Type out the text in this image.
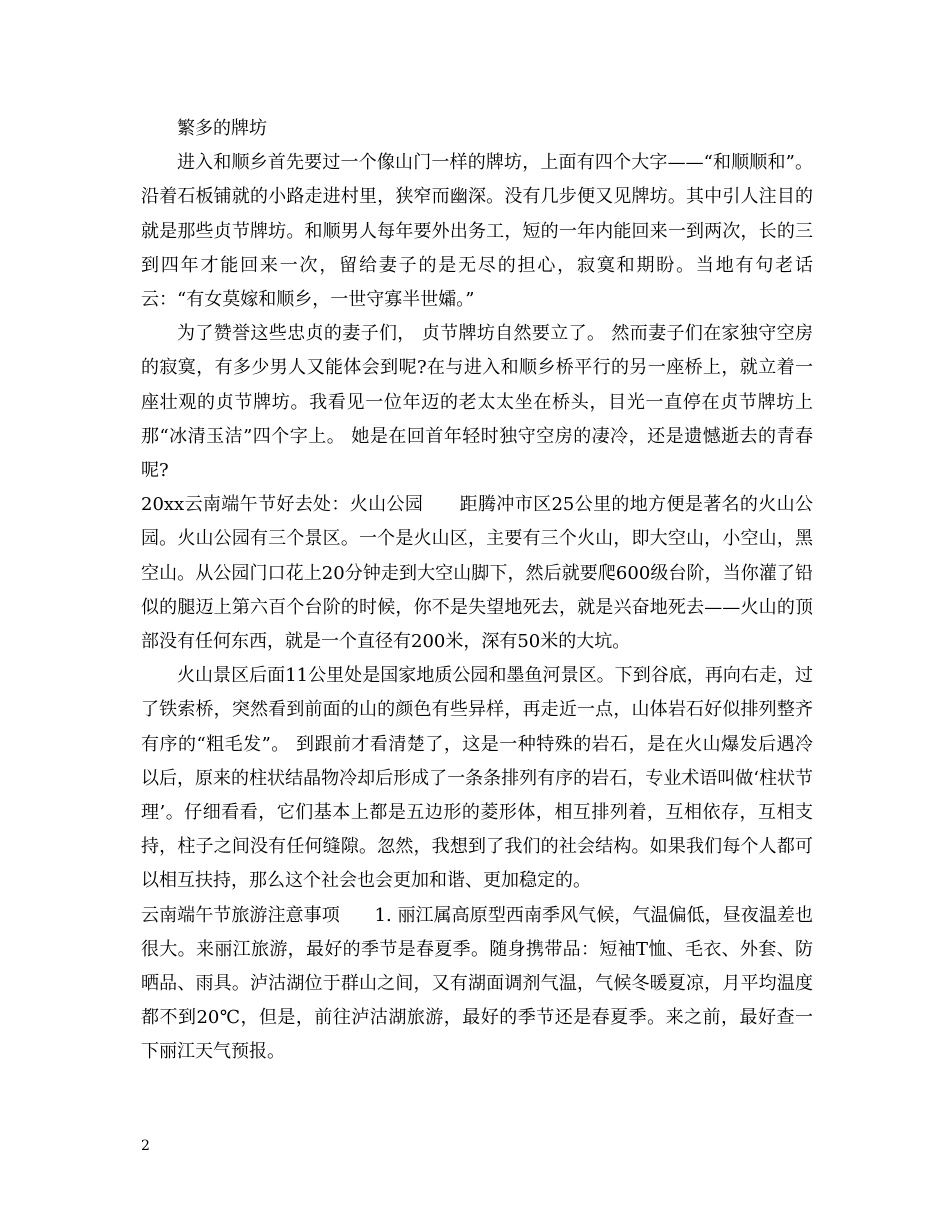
繁多的牌坊

进入和顺乡首先要过一个像山门一样的牌坊，上面有四个大字——“和顺顺和”。沿着石板铺就的小路走进村里，狭窄而幽深。没有几步便又见牌坊。其中引人注目的就是那些贞节牌坊。和顺男人每年要外出务工，短的一年内能回来一到两次，长的三到四年才能回来一次，留给妻子的是无尽的担心，寂寞和期盼。当地有句老话云：“有女莫嫁和顺乡，一世守寡半世孀。”

为了赞誉这些忠贞的妻子们， 贞节牌坊自然要立了。 然而妻子们在家独守空房的寂寞，有多少男人又能体会到呢?在与进入和顺乡桥平行的另一座桥上，就立着一座壮观的贞节牌坊。我看见一位年迈的老太太坐在桥头，目光一直停在贞节牌坊上那“冰清玉洁”四个字上。 她是在回首年轻时独守空房的凄冷，还是遗憾逝去的青春呢?

20xx云南端午节好去处：火山公园      距腾冲市区25公里的地方便是著名的火山公园。火山公园有三个景区。一个是火山区，主要有三个火山，即大空山，小空山，黑空山。从公园门口花上20分钟走到大空山脚下，然后就要爬600级台阶，当你灌了铅似的腿迈上第六百个台阶的时候，你不是失望地死去，就是兴奋地死去——火山的顶部没有任何东西，就是一个直径有200米，深有50米的大坑。

火山景区后面11公里处是国家地质公园和墨鱼河景区。下到谷底，再向右走，过了铁索桥，突然看到前面的山的颜色有些异样，再走近一点，山体岩石好似排列整齐有序的“粗毛发”。 到跟前才看清楚了，这是一种特殊的岩石，是在火山爆发后遇冷以后，原来的柱状结晶物冷却后形成了一条条排列有序的岩石，专业术语叫做‘柱状节理’。仔细看看，它们基本上都是五边形的菱形体，相互排列着，互相依存，互相支持，柱子之间没有任何缝隙。忽然，我想到了我们的社会结构。如果我们每个人都可以相互扶持，那么这个社会也会更加和谐、更加稳定的。

云南端午节旅游注意事项      1. 丽江属高原型西南季风气候，气温偏低，昼夜温差也很大。来丽江旅游，最好的季节是春夏季。随身携带品：短袖T恤、毛衣、外套、防晒品、雨具。泸沽湖位于群山之间，又有湖面调剂气温，气候冬暖夏凉，月平均温度都不到20℃，但是，前往泸沽湖旅游，最好的季节还是春夏季。来之前，最好查一下丽江天气预报。

2
